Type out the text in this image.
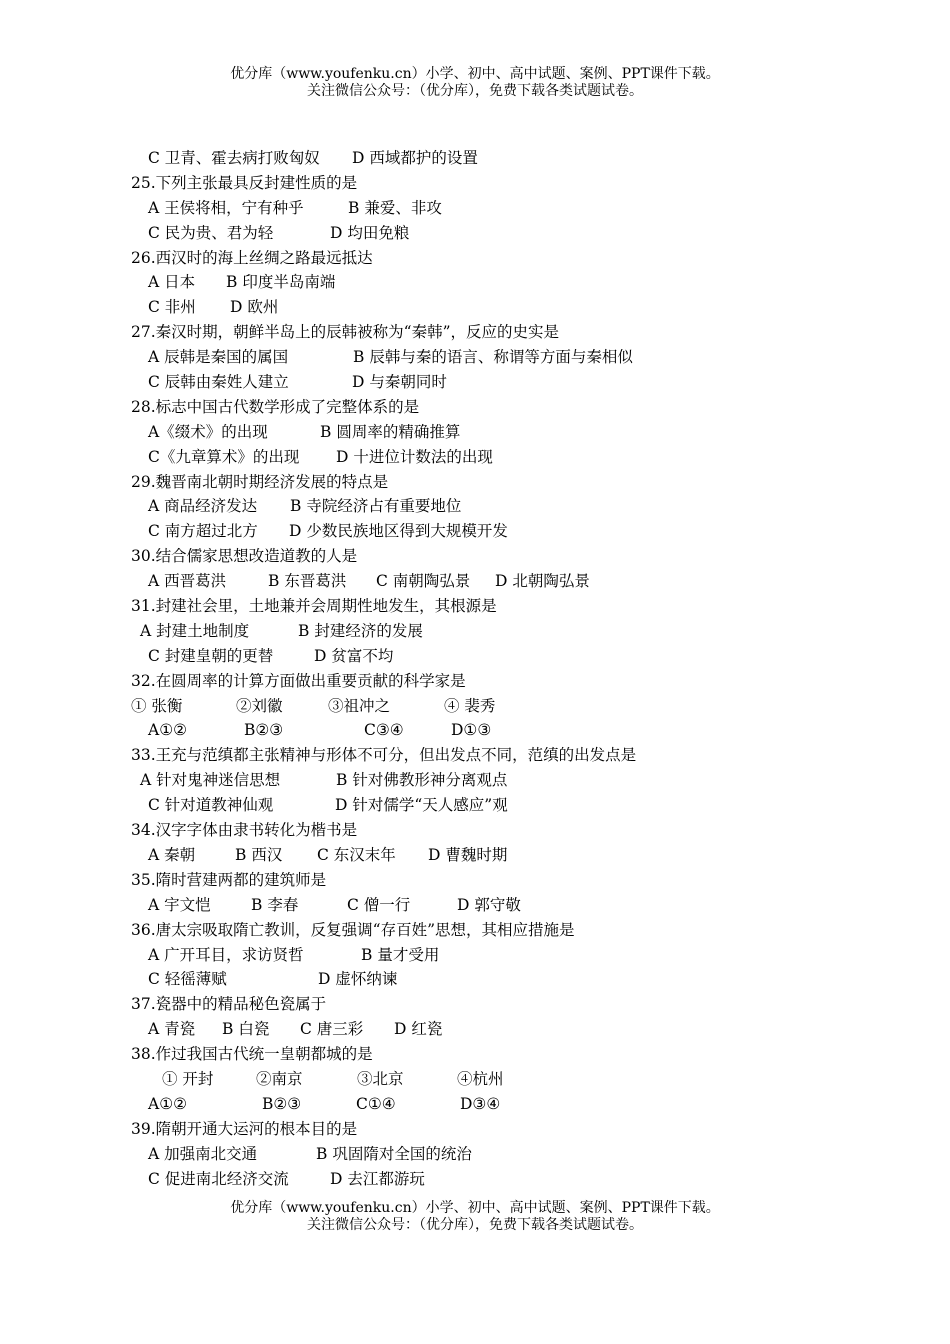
优分库（www.youfenku.cn）小学、初中、高中试题、案例、PPT课件下载。
关注微信公众号：（优分库），免费下载各类试题试卷。
C 卫青、霍去病打败匈奴 D 西域都护的设置
25.下列主张最具反封建性质的是
A 王侯将相，宁有种乎	B 兼爱、非攻
C 民为贵、君为轻	D 均田免粮
26.西汉时的海上丝绸之路最远抵达
A 日本 B 印度半岛南端
C 非州 D 欧州
27.秦汉时期，朝鲜半岛上的辰韩被称为“秦韩”，反应的史实是
A 辰韩是秦国的属国	B 辰韩与秦的语言、称谓等方面与秦相似
C 辰韩由秦姓人建立	D 与秦朝同时
28.标志中国古代数学形成了完整体系的是
A《缀术》的出现	B 圆周率的精确推算
C《九章算术》的出现 D 十进位计数法的出现
29.魏晋南北朝时期经济发展的特点是
A 商品经济发达 B 寺院经济占有重要地位
C 南方超过北方 D 少数民族地区得到大规模开发
30.结合儒家思想改造道教的人是
A 西晋葛洪	B 东晋葛洪 C 南朝陶弘景 D 北朝陶弘景
31.封建社会里，土地兼并会周期性地发生，其根源是
A 封建土地制度	B 封建经济的发展
C 封建皇朝的更替	D 贫富不均
32.在圆周率的计算方面做出重要贡献的科学家是
① 张衡	②刘徽	③祖冲之	④ 裴秀
A①②	B②③	C③④	D①③
33.王充与范缜都主张精神与形体不可分，但出发点不同，范缜的出发点是
A 针对鬼神迷信思想	B 针对佛教形神分离观点
C 针对道教神仙观	D 针对儒学“天人感应”观
34.汉字字体由隶书转化为楷书是
A 秦朝	B 西汉 C 东汉末年 D 曹魏时期
35.隋时营建两都的建筑师是
A 宇文恺	B 李春	C 僧一行	D 郭守敬
36.唐太宗吸取隋亡教训，反复强调“存百姓”思想，其相应措施是
A 广开耳目，求访贤哲	B 量才受用
C 轻徭薄赋	D 虚怀纳谏
37.瓷器中的精品秘色瓷属于
A 青瓷 B 白瓷 C 唐三彩 D 红瓷
38.作过我国古代统一皇朝都城的是
① 开封	②南京	③北京	④杭州
A①②	B②③	C①④	D③④
39.隋朝开通大运河的根本目的是
A 加强南北交通	B 巩固隋对全国的统治
C 促进南北经济交流	D 去江都游玩
优分库（www.youfenku.cn）小学、初中、高中试题、案例、PPT课件下载。
关注微信公众号：（优分库），免费下载各类试题试卷。
